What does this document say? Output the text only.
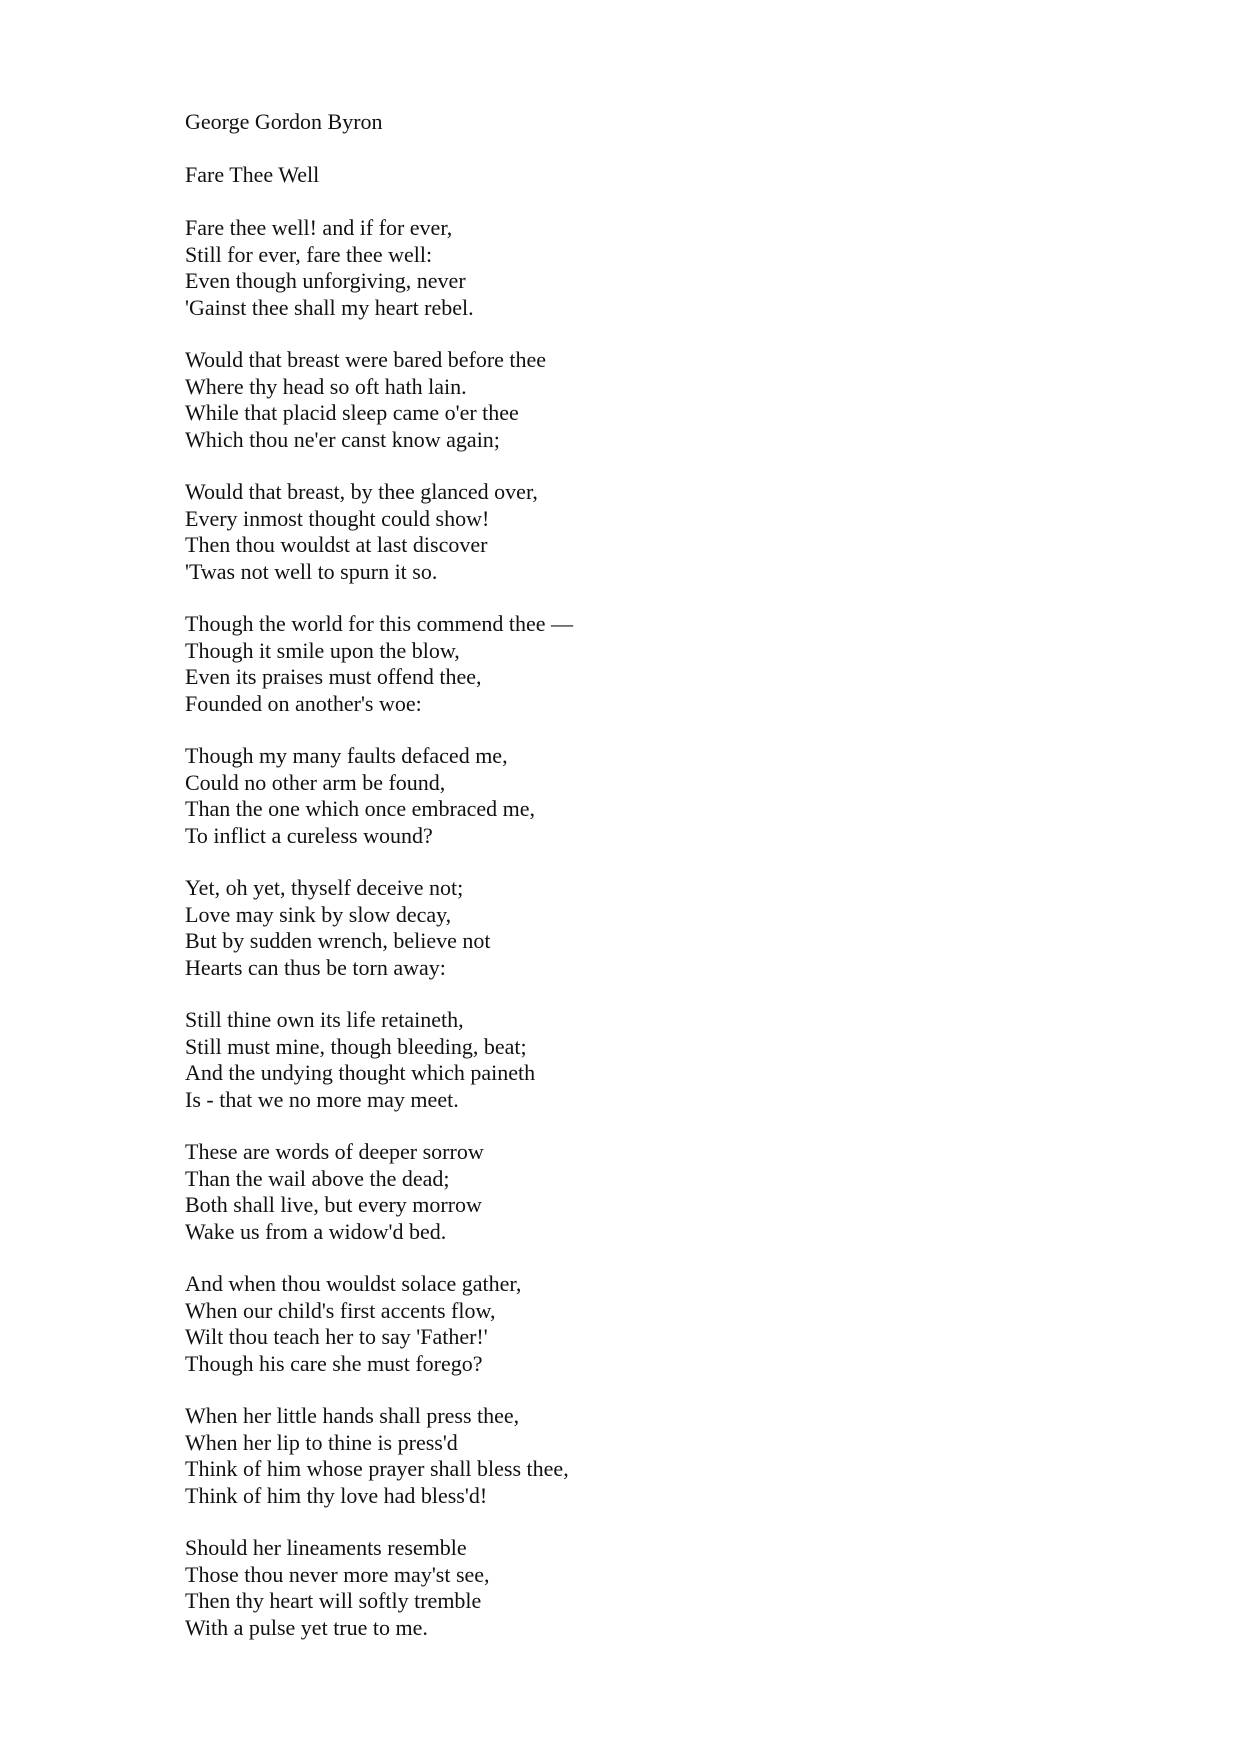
George Gordon Byron
Fare Thee Well
Fare thee well! and if for ever,
Still for ever, fare thee well:
Even though unforgiving, never
'Gainst thee shall my heart rebel.
Would that breast were bared before thee
Where thy head so oft hath lain.
While that placid sleep came o'er thee
Which thou ne'er canst know again;
Would that breast, by thee glanced over,
Every inmost thought could show!
Then thou wouldst at last discover
'Twas not well to spurn it so.
Though the world for this commend thee —
Though it smile upon the blow,
Even its praises must offend thee,
Founded on another's woe:
Though my many faults defaced me,
Could no other arm be found,
Than the one which once embraced me,
To inflict a cureless wound?
Yet, oh yet, thyself deceive not;
Love may sink by slow decay,
But by sudden wrench, believe not
Hearts can thus be torn away:
Still thine own its life retaineth,
Still must mine, though bleeding, beat;
And the undying thought which paineth
Is - that we no more may meet.
These are words of deeper sorrow
Than the wail above the dead;
Both shall live, but every morrow
Wake us from a widow'd bed.
And when thou wouldst solace gather,
When our child's first accents flow,
Wilt thou teach her to say 'Father!'
Though his care she must forego?
When her little hands shall press thee,
When her lip to thine is press'd
Think of him whose prayer shall bless thee,
Think of him thy love had bless'd!
Should her lineaments resemble
Those thou never more may'st see,
Then thy heart will softly tremble
With a pulse yet true to me.
